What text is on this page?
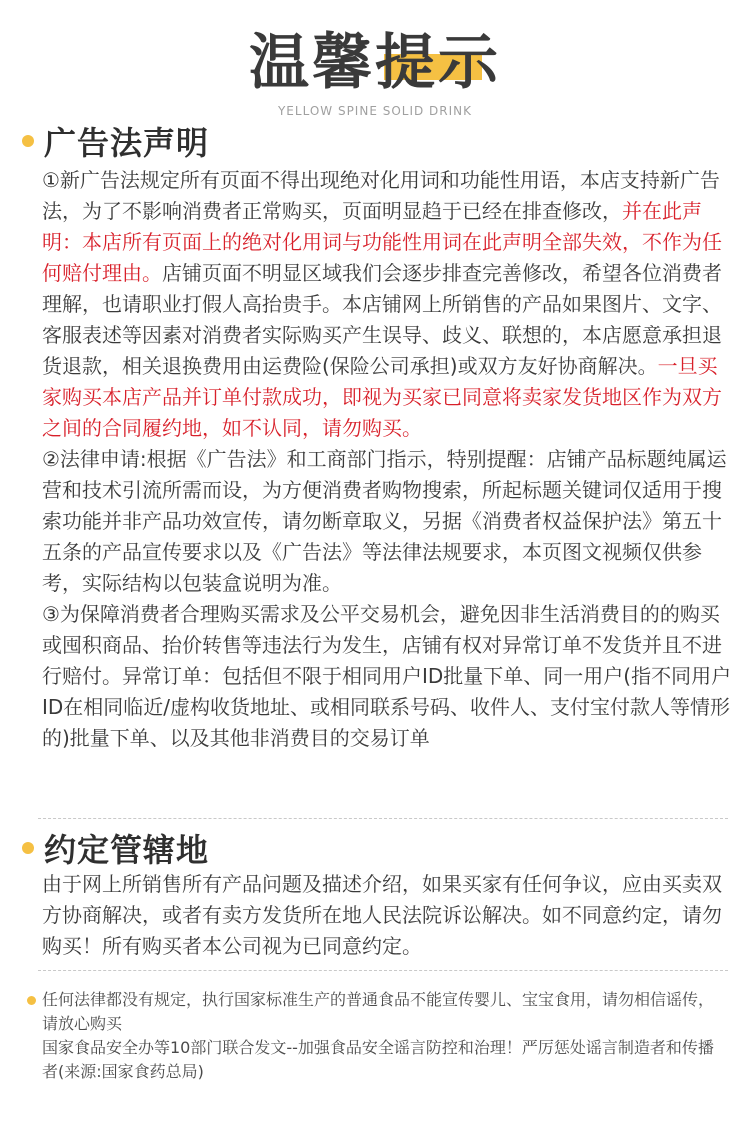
温馨提示
YELLOW SPINE SOLID DRINK
广告法声明

①新广告法规定所有页面不得出现绝对化用词和功能性用语，本店支持新广告法，为了不影响消费者正常购买，页面明显趋于已经在排查修改，并在此声明：本店所有页面上的绝对化用词与功能性用词在此声明全部失效，不作为任何赔付理由。店铺页面不明显区域我们会逐步排查完善修改，希望各位消费者理解，也请职业打假人高抬贵手。本店铺网上所销售的产品如果图片、文字、客服表述等因素对消费者实际购买产生误导、歧义、联想的，本店愿意承担退货退款，相关退换费用由运费险(保险公司承担)或双方友好协商解决。一旦买家购买本店产品并订单付款成功，即视为买家已同意将卖家发货地区作为双方之间的合同履约地，如不认同，请勿购买。

②法律申请:根据《广告法》和工商部门指示，特别提醒：店铺产品标题纯属运营和技术引流所需而设，为方便消费者购物搜索，所起标题关键词仅适用于搜索功能并非产品功效宣传，请勿断章取义，另据《消费者权益保护法》第五十五条的产品宣传要求以及《广告法》等法律法规要求，本页图文视频仅供参考，实际结构以包装盒说明为准。

③为保障消费者合理购买需求及公平交易机会，避免因非生活消费目的的购买或囤积商品、抬价转售等违法行为发生，店铺有权对异常订单不发货并且不进行赔付。异常订单：包括但不限于相同用户ID批量下单、同一用户(指不同用户ID在相同临近/虚构收货地址、或相同联系号码、收件人、支付宝付款人等情形的)批量下单、以及其他非消费目的交易订单

约定管辖地

由于网上所销售所有产品问题及描述介绍，如果买家有任何争议，应由买卖双方协商解决，或者有卖方发货所在地人民法院诉讼解决。如不同意约定，请勿购买！所有购买者本公司视为已同意约定。

任何法律都没有规定，执行国家标准生产的普通食品不能宣传婴儿、宝宝食用，请勿相信谣传，请放心购买

国家食品安全办等10部门联合发文--加强食品安全谣言防控和治理！严厉惩处谣言制造者和传播者(来源:国家食药总局)
